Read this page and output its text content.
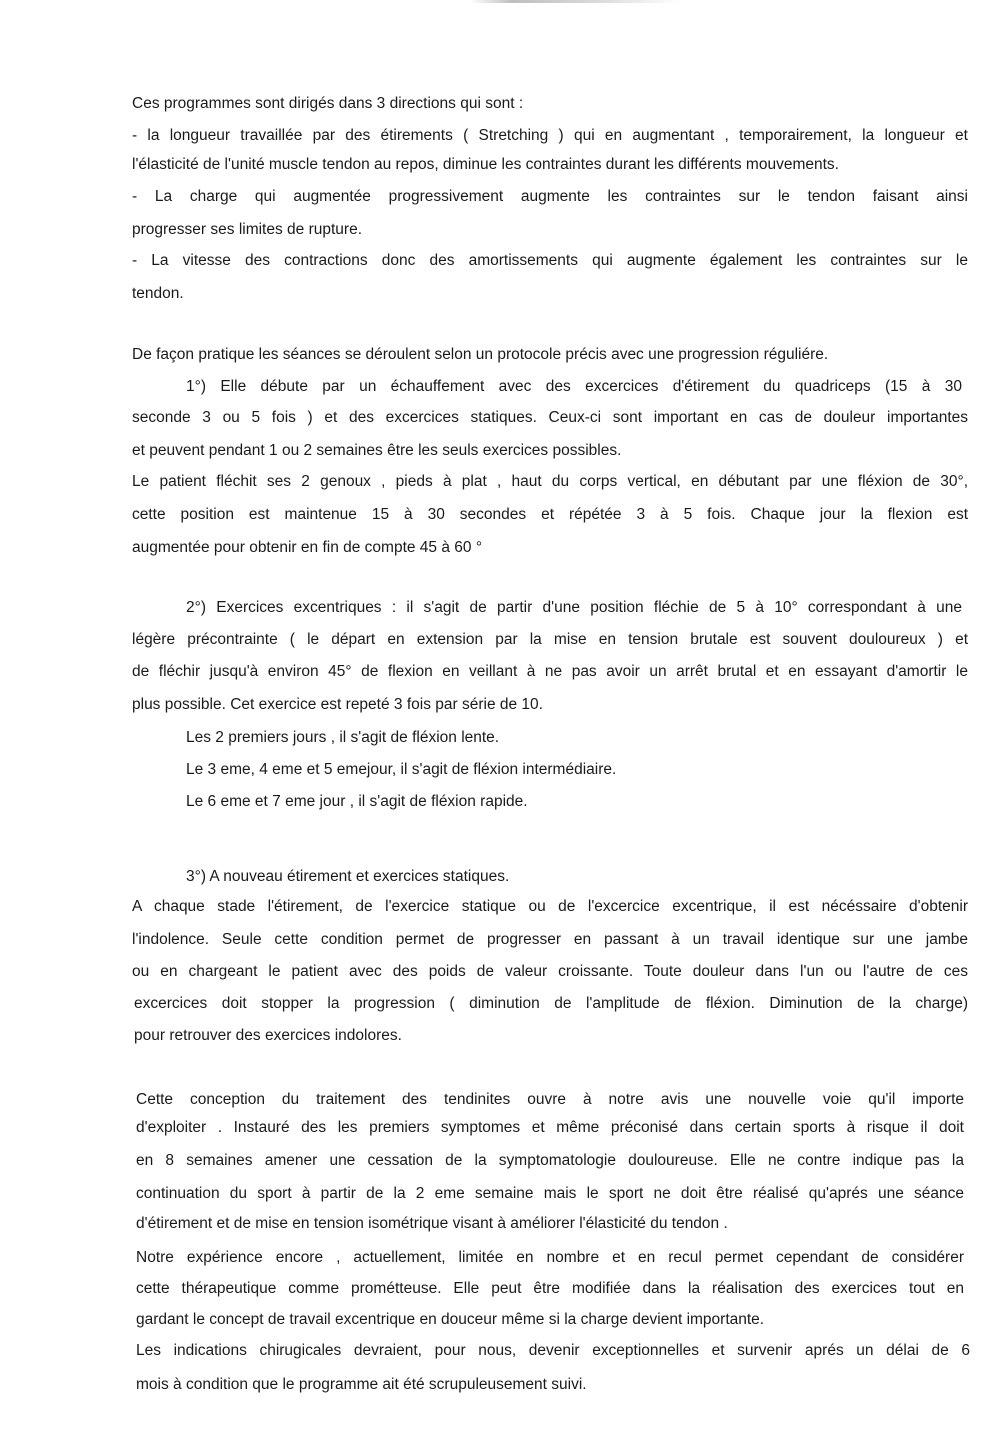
Ces programmes sont dirigés dans 3 directions qui sont :
- la longueur travaillée par des étirements ( Stretching ) qui en augmentant , temporairement, la longueur et
l'élasticité de l'unité muscle tendon au repos, diminue les contraintes durant les différents mouvements.
- La charge qui augmentée progressivement augmente les contraintes sur le tendon faisant ainsi
progresser ses limites de rupture.
- La vitesse des contractions donc des amortissements qui augmente également les contraintes sur le
tendon.
De façon pratique les séances se déroulent selon un protocole précis avec une progression réguliére.
1°) Elle débute par un échauffement avec des excercices d'étirement du quadriceps (15 à 30
seconde 3 ou 5 fois ) et des excercices statiques. Ceux-ci sont important en cas de douleur importantes
et peuvent pendant 1 ou 2 semaines être les seuls exercices possibles.
Le patient fléchit ses 2 genoux , pieds à plat , haut du corps vertical, en débutant par une fléxion de 30°,
cette position est maintenue 15 à 30 secondes et répétée 3 à 5 fois. Chaque jour la flexion est
augmentée pour obtenir en fin de compte 45 à 60 °
2°) Exercices excentriques : il s'agit de partir d'une position fléchie de 5 à 10° correspondant à une
légère précontrainte ( le départ en extension par la mise en tension brutale est souvent douloureux ) et
de fléchir jusqu'à environ 45° de flexion en veillant à ne pas avoir un arrêt brutal et en essayant d'amortir le
plus possible. Cet exercice est repeté 3 fois par série de 10.
Les 2 premiers jours , il s'agit de fléxion lente.
Le 3 eme, 4 eme et 5 emejour, il s'agit de fléxion intermédiaire.
Le 6 eme et 7 eme jour , il s'agit de fléxion rapide.
3°) A nouveau étirement et exercices statiques.
A chaque stade l'étirement, de l'exercice statique ou de l'excercice excentrique, il est nécéssaire d'obtenir
l'indolence. Seule cette condition permet de progresser en passant à un travail identique sur une jambe
ou en chargeant le patient avec des poids de valeur croissante. Toute douleur dans l'un ou l'autre de ces
excercices doit stopper la progression ( diminution de l'amplitude de fléxion. Diminution de la charge)
pour retrouver des exercices indolores.
Cette conception du traitement des tendinites ouvre à notre avis une nouvelle voie qu'il importe
d'exploiter . Instauré des les premiers symptomes et même préconisé dans certain sports à risque il doit
en 8 semaines amener une cessation de la symptomatologie douloureuse. Elle ne contre indique pas la
continuation du sport à partir de la 2 eme semaine mais le sport ne doit être réalisé qu'aprés une séance
d'étirement et de mise en tension isométrique visant à améliorer l'élasticité du tendon .
Notre expérience encore , actuellement, limitée en nombre et en recul permet cependant de considérer
cette thérapeutique comme prométteuse. Elle peut être modifiée dans la réalisation des exercices tout en
gardant le concept de travail excentrique en douceur même si la charge devient importante.
Les indications chirugicales devraient, pour nous, devenir exceptionnelles et survenir aprés un délai de 6
mois à condition que le programme ait été scrupuleusement suivi.
